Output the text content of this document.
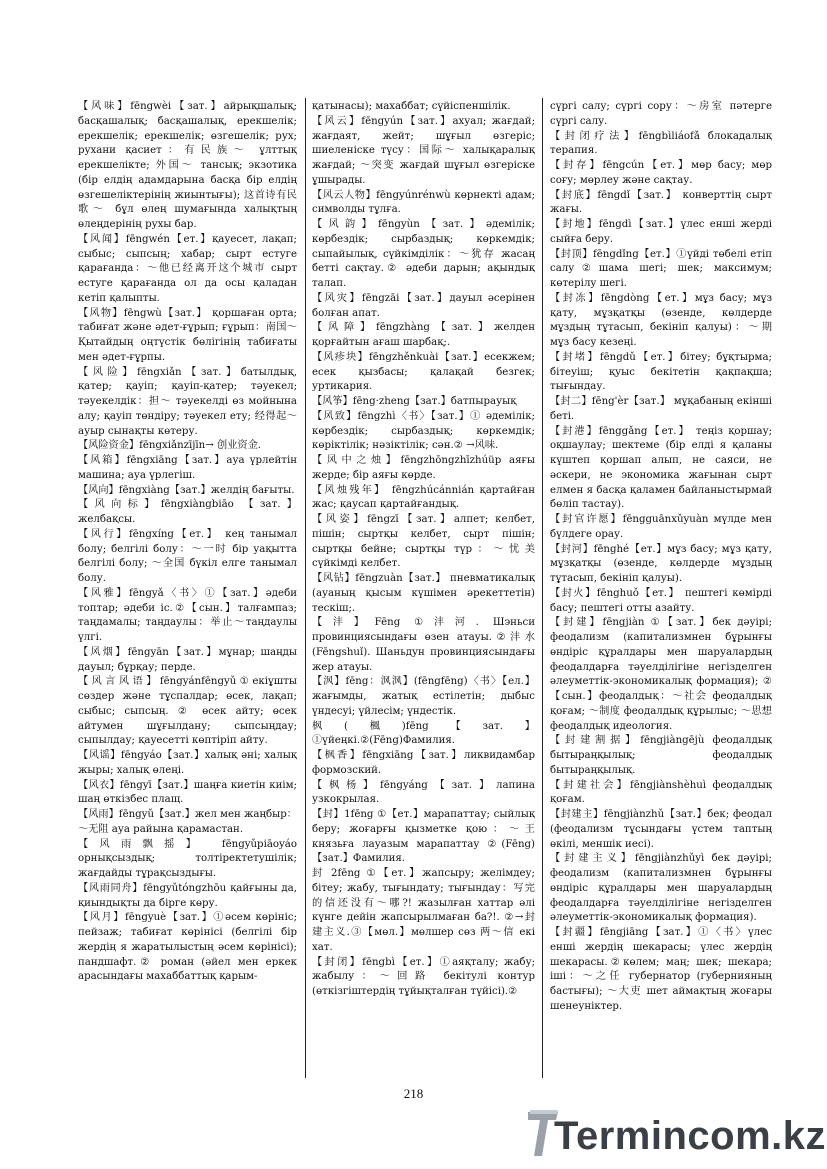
【风味】fēngwèi【зат.】айрықшалық; басқашалық; басқашалық, ерекшелік; ерекшелік; ерекшелік; өзгешелік; рух; рухани қасиет：有民族～ ұлттық ерекшелікте; 外国～ тансық; экзотика (бір елдің адамдарына басқа бір елдің өзгешеліктерінің жиынтығы); 这首诗有民歌～ бұл өлең шумағында халықтың өлеңдерінің рухы бар.

【风闻】fēngwén【ет.】қауесет, лақап; сыбыс; сыпсың; хабар; сырт естуге қарағанда：～他已经离开这个城市 сырт естуге қарағанда ол да осы қаладан кетіп қалыпты.

【风物】fēngwù【зат.】 қоршаған орта; табиғат және әдет-ғұрып; ғұрып：南国～ Қытайдың оңтүстік бөлігінің табиғаты мен әдет-ғұрпы.

【风险】fēngxiǎn【зат.】батылдық, қатер; қауіп; қауіп-қатер; тәуекел; тәуекелдік：担～ тәуекелді өз мойнына алу; қауіп төндіру; тәуекел ету; 经得起～ауыр сынақты көтеру.

【风险资金】fēngxiǎnzījīn→ 创业资金.

【风箱】fēngxiāng【зат.】ауа үрлейтін машина; ауа үрлегіш.

【风向】fēngxiàng【зат.】желдің бағыты.

【风向标】fēngxiàngbiāo 【зат.】 желбақсы.

【风行】fēngxíng【ет.】 кең танымал болу; белгілі болу：～一时 бір уақытта белгілі болу; ～全国 бүкіл елге танымал болу.

【风雅】fēngyǎ〈书〉①【зат.】әдеби топтар; әдеби іс.②【сын.】талғампаз; таңдамалы; таңдаулы：举止～таңдаулы үлгі.

【风烟】fēngyān【зат.】мұнар; шаңды дауыл; бұрқау; перде.

【风言风语】fēngyánfēngyǔ①екіұшты сөздер және тұспалдар; өсек, лақап; сыбыс; сыпсың. ② өсек айту; өсек айтумен шұғылдану; сыпсыңдау; сыпылдау; қауесетті көптіріп айту.

【风谣】fēngyáo【зат.】халық әні; халық жыры; халық өлеңі.

【风衣】fēngyī【зат.】шаңға киетін киім; шаң өткізбес плащ.

【风雨】fēngyǔ【зат.】жел мен жаңбыр：～无阻 ауа райына қарамастан.

【风雨飘摇】 fēngyǔpiāoyáo орнықсыздық; толтіректетушілік; жағдайды тұрақсыздығы.

【风雨同舟】fēngyǔtóngzhōu қайғыны да, қиындықты да бірге көру.

【风月】fēngyuè【зат.】①әсем көрініс; пейзаж; табиғат көрінісі (белгілі бір жердің я жаратылыстың әсем көрінісі); пандшафт.② роман (әйел мен еркек арасындағы махаббаттық қарым-

қатынасы); махаббат; сүйіспеншілік.

【风云】fēngyún【зат.】ахуал; жағдай; жағдаят, жейт; шұғыл өзгеріс; шиеленіске түсу：国际～ халықаралық жағдай; ～突变 жағдай шұғыл өзгеріске ұшырады.

【风云人物】fēngyúnrénwù көрнекті адам; символды тұлға.

【风韵】fēngyùn【зат.】әдемілік; көрбездік; сырбаздық; көркемдік; сыпайылық, сүйкімділік：～犹存 жасаң бетті сақтау.② әдеби дарын; ақындық талап.

【风灾】fēngzāi【зат.】дауыл әсерінен болған апат.

【风障】fēngzhàng【зат.】желден қорғайтын ағаш шарбақ;.

【风疹块】fēngzhěnkuài【зат.】есекжем; есек қызбасы; қалақай безгек; уртикария.

【风筝】fēng·zheng【зат.】батпырауық

【风致】fēngzhì〈书〉【зат.】① әдемілік; көрбездік; сырбаздық; көркемдік; көріктілік; нәзіктілік; сән.② →风味.

【风中之烛】fēngzhōngzhīzhúüр аяғы жерде; бір аяғы көрде.

【风烛残年】 fēngzhúcánnián қартайған жас; қаусап қартайғандық.

【风姿】fēngzī【зат.】алпет; келбет, пішін; сыртқы келбет, сырт пішін; сыртқы бейне; сыртқы түр：～忧美 сүйкімді келбет.

【风钻】fēngzuàn【зат.】 пневматикалық (ауаның қысым күшімен әрекеттетін) тескіш;.

【沣】Fēng ①沣河. Шэньси провинциясындағы өзен атауы.②沣水(Fēngshuǐ). Шаньдун провинциясындағы жер атауы.

【沨】fēng：沨沨】(fēngfēng)〈书〉【ел.】жағымды, жатық естілетін; дыбыс үндесуі; үйлесім; үндестік.

枫(楓)fēng【зат.】①үйеңкі.②(Fēng)Фамилия.

【枫香】fēngxiāng【зат.】ликвидамбар формозский.

【枫杨】fēngyáng【зат.】лапина узкокрылая.

【封】1fēng ①【ет.】марапаттау; сыйлық беру; жоғарғы қызметке қою：～王 князьға лауазым марапаттау ②(Fēng)【зат.】Фамилия.

封 2fēng ①【ет.】жапсыру; желімдеу; бітеу; жабу, тығындату; тығындау：写完的信还没有～哪?! жазылған хаттар әлі күнге дейін жапсырылмаған ба?!. ②→封建主义.③【мөл.】мөлшер сөз 两～信 екі хат.

【封闭】fēngbì【ет.】①аяқталу; жабу; жабылу：～回路 бекітулі контур (өткізгіштердің тұйықталған түйісі).②

сүргі салу; сүргі сору：～房室 пәтерге сүргі салу.

【封闭疗法】fēngbìliáofǎ блокадалық терапия.

【封存】fēngcún【ет.】мөр басу; мөр соғу; мөрлеу және сақтау.

【封底】fēngdǐ【зат.】 конверттің сырт жағы.

【封地】fēngdì【зат.】үлес енші жерді сыйға беру.

【封顶】fēngdǐng【ет.】①үйді төбелі етіп салу②шама шегі; шек; максимум; көтерілу шегі.

【封冻】fēngdòng【ет.】мұз басу; мұз қату, мұзқатқы (өзенде, көлдерде мұздың тұтасып, бекініп қалуы)：～期 мұз басу кезеңі.

【封堵】fēngdǔ【ет.】бітеу; бұқтырма; бітеуіш; қуыс бекітетін қақпақша; тығындау.

【封二】fēng'èr【зат.】 мұқабаның екінші беті.

【封港】fēnggǎng【ет.】 теңіз қоршау; оқшаулау; шектеме (бір елді я қаланы күштеп қоршап алып, не саяси, не әскери, не экономика жағынан сырт елмен я басқа қаламен байланыстырмай бөліп тастау).

【封官许愿】fēngguānxǔyuàn мүлде мен бүлдеге орау.

【封河】fēnghé【ет.】мұз басу; мұз қату, мұзқатқы (өзенде, көлдерде мұздың тұтасып, бекініп қалуы).

【封火】fēnghuǒ【ет.】 пештегі көмірді басу; пештегі отты азайту.

【封建】fēngjiàn ①【зат.】бек дәуірі; феодализм (капитализмнен бұрынғы өндіріс құралдары мен шаруалардың феодалдарға тәуелділігіне негізделген әлеуметтік-экономикалық формация); ②【сын.】феодалдық：～社会 феодалдық қоғам; ～制度 феодалдық құрылыс; ～思想 феодалдық идеология.

【封建割据】fēngjiàngējù феодалдық бытыраңқылық; феодалдық бытыраңқылық.

【封建社会】fēngjiànshèhuì феодалдық қоғам.

【封建主】fēngjiànzhǔ【зат.】бек; феодал (феодализм тұсындағы үстем тaптың өкілі, меншік иесі).

【封建主义】fēngjiànzhǔyì бек дәуірі; феодализм (капитализмнен бұрынғы өндіріс құралдары мен шаруалардың феодалдарға тәуелділігіне негізделген әлеуметтік-экономикалық формация).

【封疆】fēngjiāng【зат.】①〈书〉үлес енші жердің шекарасы; үлес жердің шекарасы.②көлем; мaң; шек; шекара; ішi：～之任 губернатор (губернияның бастығы); ～大吏 шет аймақтың жоғары шенеуніктер.

218
Termincom.kz
